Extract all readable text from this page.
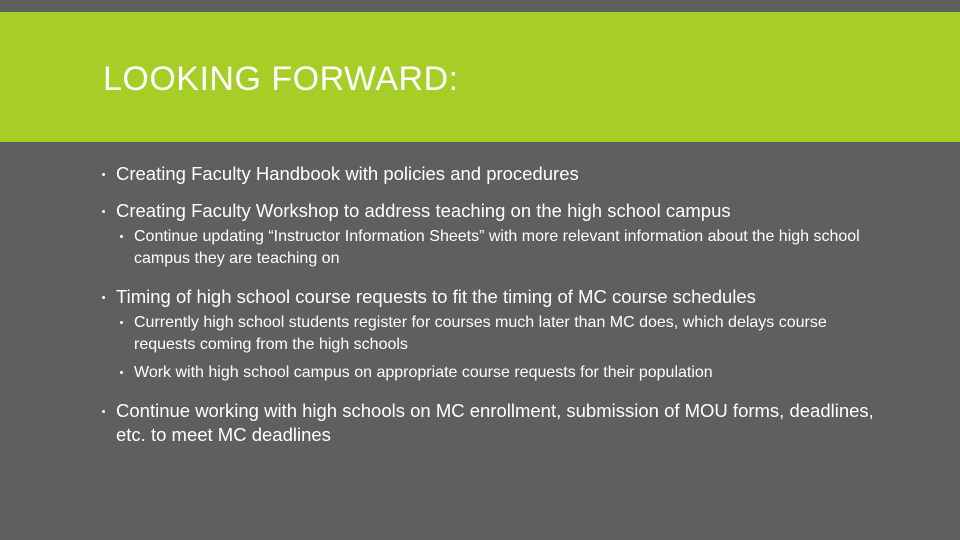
LOOKING FORWARD:
Creating Faculty Handbook with policies and procedures
Creating Faculty Workshop to address teaching on the high school campus
Continue updating “Instructor Information Sheets” with more relevant information about the high school campus they are teaching on
Timing of high school course requests to fit the timing of MC course schedules
Currently high school students register for courses much later than MC does, which delays course requests coming from the high schools
Work with high school campus on appropriate course requests for their population
Continue working with high schools on MC enrollment, submission of MOU forms, deadlines, etc. to meet MC deadlines
